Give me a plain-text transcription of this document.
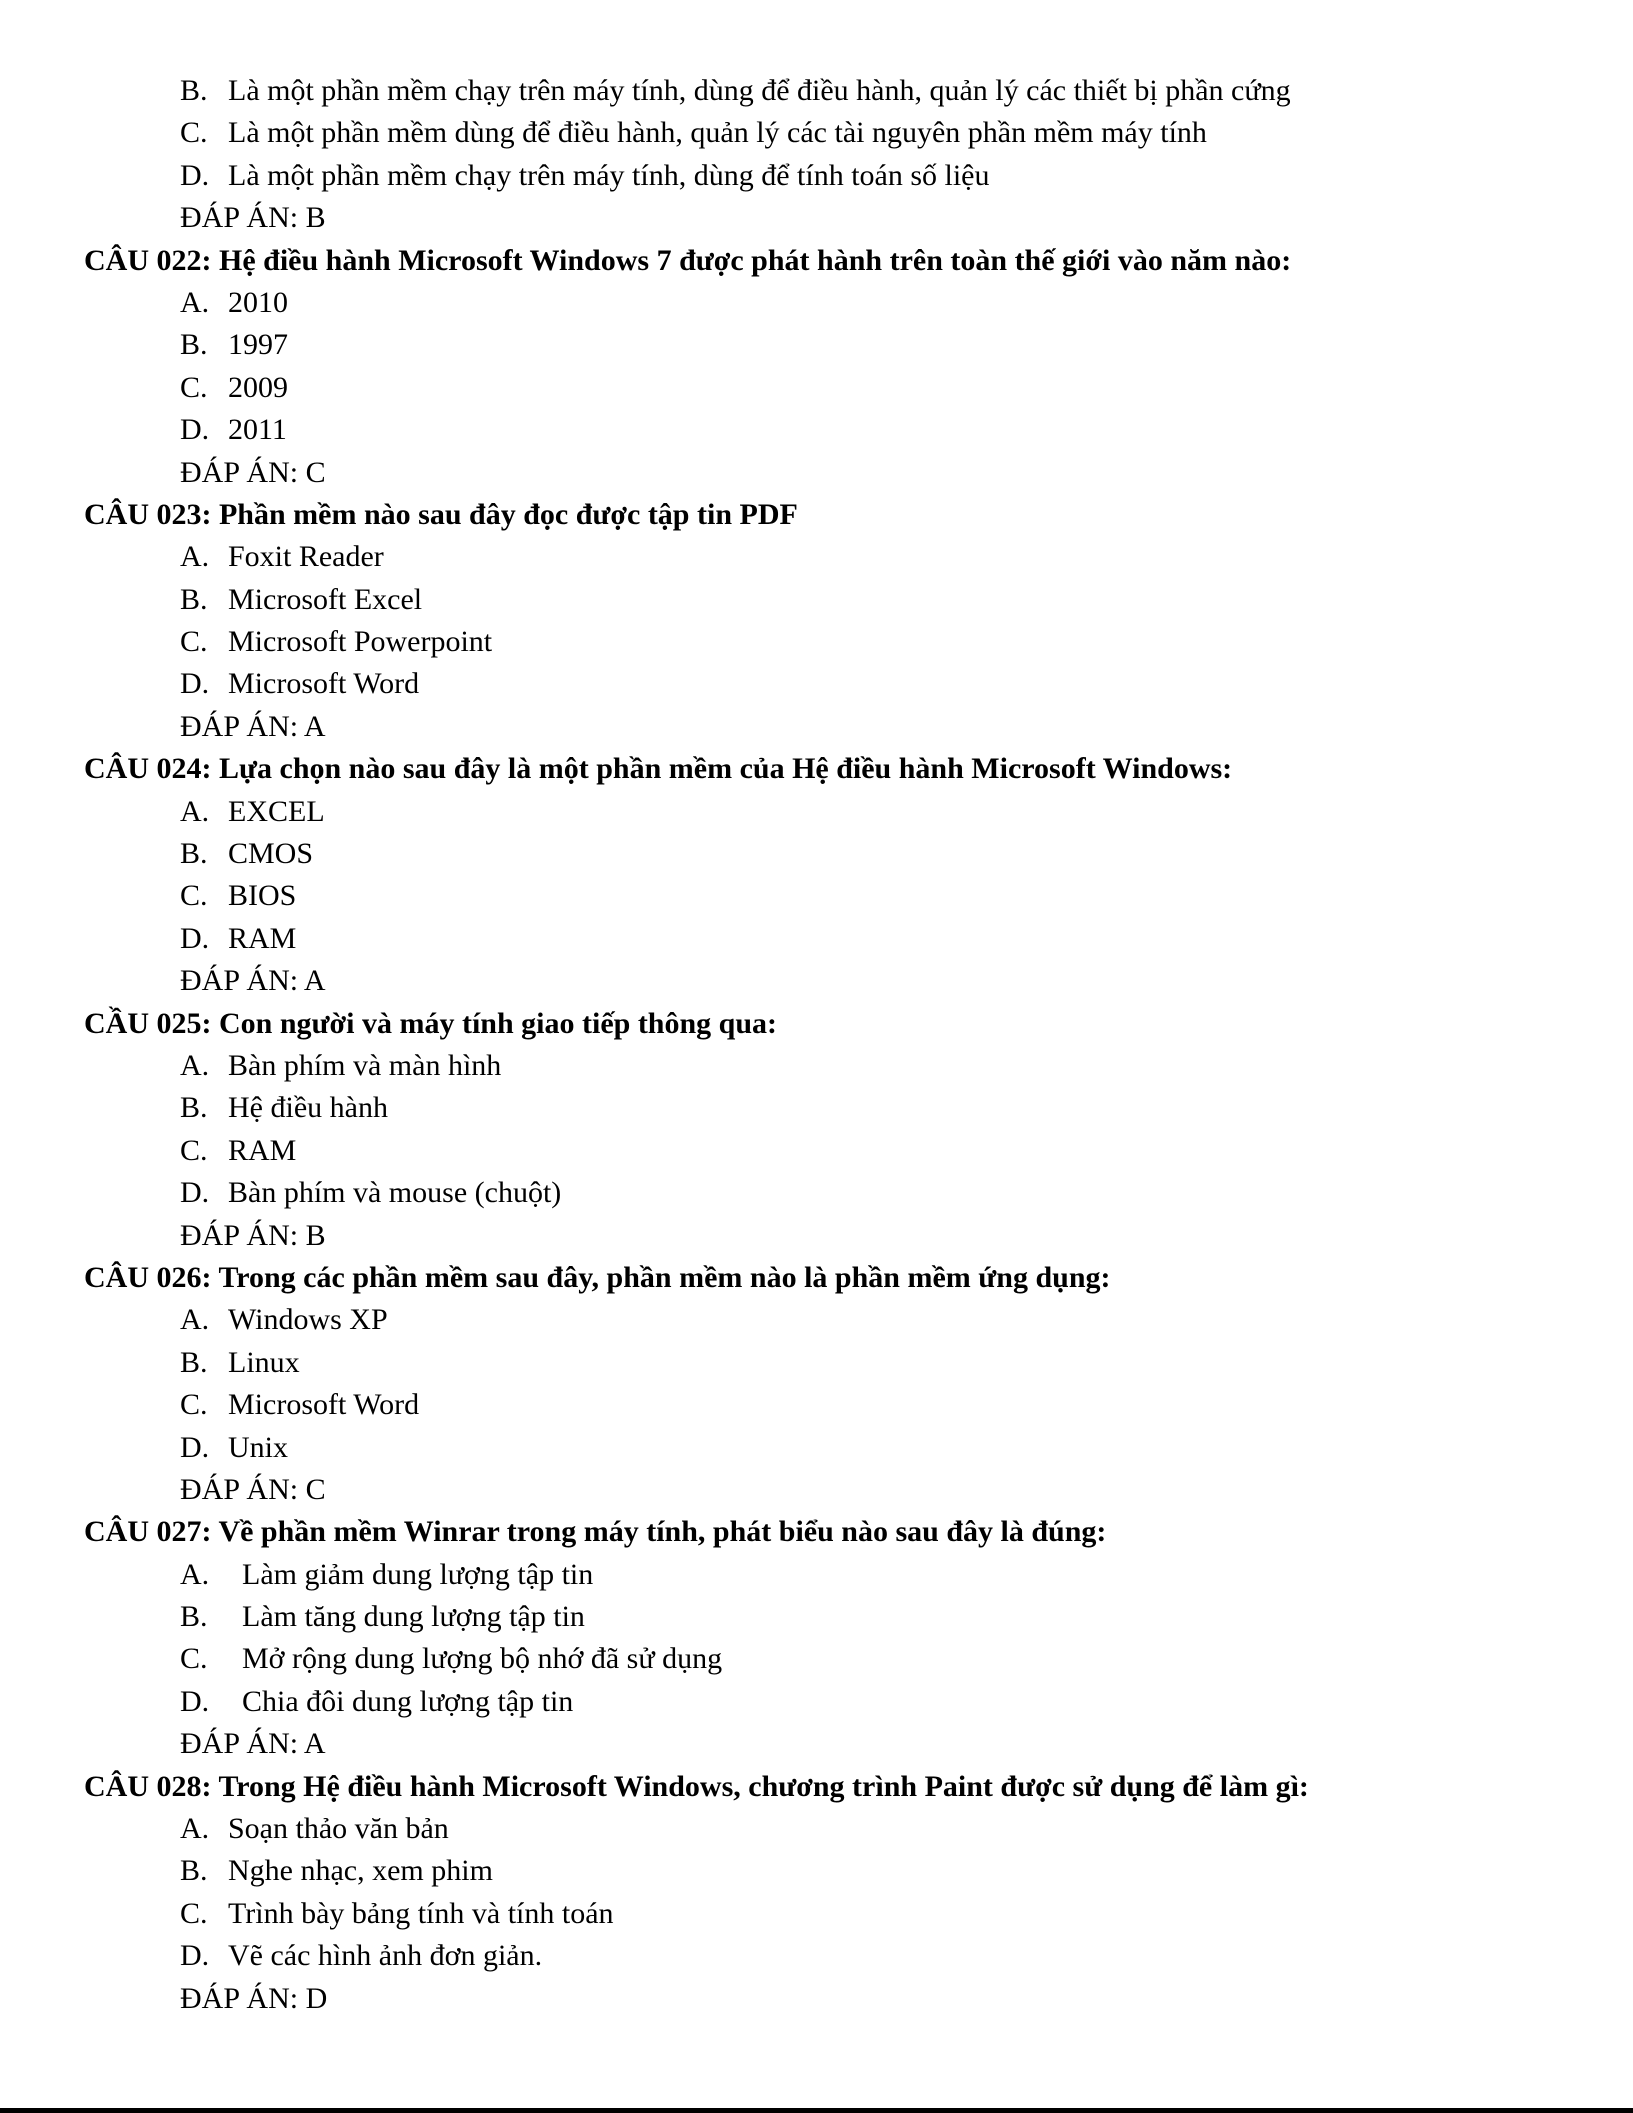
B. Là một phần mềm chạy trên máy tính, dùng để điều hành, quản lý các thiết bị phần cứng
C. Là một phần mềm dùng để điều hành, quản lý các tài nguyên phần mềm máy tính
D. Là một phần mềm chạy trên máy tính, dùng để tính toán số liệu
ĐÁP ÁN: B
CÂU 022: Hệ điều hành Microsoft Windows 7 được phát hành trên toàn thế giới vào năm nào:
A. 2010
B. 1997
C. 2009
D. 2011
ĐÁP ÁN: C
CÂU 023: Phần mềm nào sau đây đọc được tập tin PDF
A. Foxit Reader
B. Microsoft Excel
C. Microsoft Powerpoint
D. Microsoft Word
ĐÁP ÁN: A
CÂU 024: Lựa chọn nào sau đây là một phần mềm của Hệ điều hành Microsoft Windows:
A. EXCEL
B. CMOS
C. BIOS
D. RAM
ĐÁP ÁN: A
CẦU 025: Con người và máy tính giao tiếp thông qua:
A. Bàn phím và màn hình
B. Hệ điều hành
C. RAM
D. Bàn phím và mouse (chuột)
ĐÁP ÁN: B
CÂU 026: Trong các phần mềm sau đây, phần mềm nào là phần mềm ứng dụng:
A. Windows XP
B. Linux
C. Microsoft Word
D. Unix
ĐÁP ÁN: C
CÂU 027: Về phần mềm Winrar trong máy tính, phát biểu nào sau đây là đúng:
A. Làm giảm dung lượng tập tin
B. Làm tăng dung lượng tập tin
C. Mở rộng dung lượng bộ nhớ đã sử dụng
D. Chia đôi dung lượng tập tin
ĐÁP ÁN: A
CÂU 028: Trong Hệ điều hành Microsoft Windows, chương trình Paint được sử dụng để làm gì:
A. Soạn thảo văn bản
B. Nghe nhạc, xem phim
C. Trình bày bảng tính và tính toán
D. Vẽ các hình ảnh đơn giản.
ĐÁP ÁN: D
